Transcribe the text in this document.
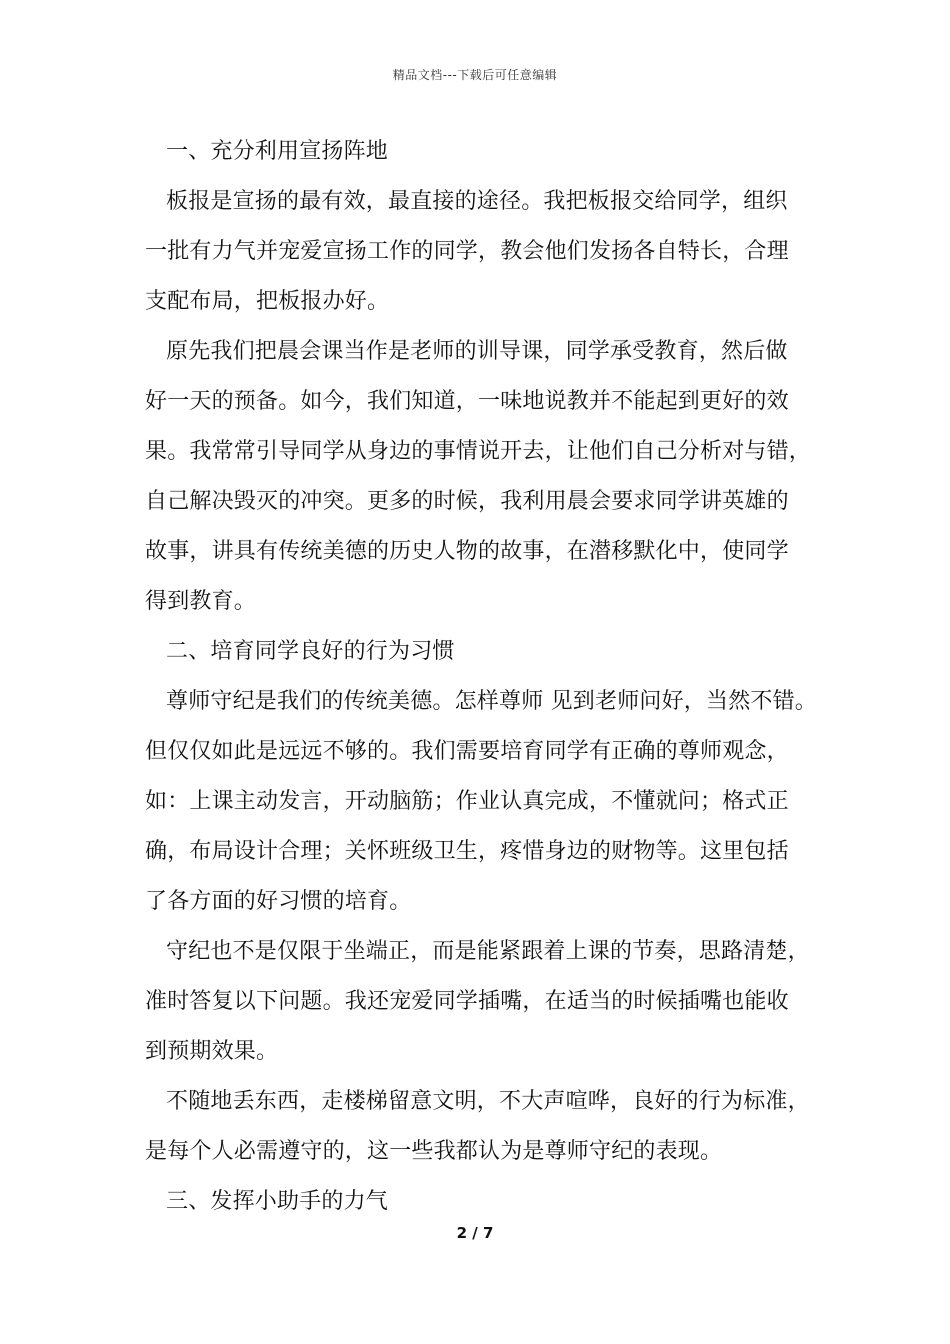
精品文档---下载后可任意编辑
一、充分利用宣扬阵地
板报是宣扬的最有效，最直接的途径。我把板报交给同学，组织
一批有力气并宠爱宣扬工作的同学，教会他们发扬各自特长，合理
支配布局，把板报办好。
原先我们把晨会课当作是老师的训导课，同学承受教育，然后做
好一天的预备。如今，我们知道，一味地说教并不能起到更好的效
果。我常常引导同学从身边的事情说开去，让他们自己分析对与错，
自己解决毁灭的冲突。更多的时候，我利用晨会要求同学讲英雄的
故事，讲具有传统美德的历史人物的故事，在潜移默化中，使同学
得到教育。
二、培育同学良好的行为习惯
尊师守纪是我们的传统美德。怎样尊师 见到老师问好，当然不错。
但仅仅如此是远远不够的。我们需要培育同学有正确的尊师观念，
如：上课主动发言，开动脑筋；作业认真完成，不懂就问；格式正
确，布局设计合理；关怀班级卫生，疼惜身边的财物等。这里包括
了各方面的好习惯的培育。
守纪也不是仅限于坐端正，而是能紧跟着上课的节奏，思路清楚，
准时答复以下问题。我还宠爱同学插嘴，在适当的时候插嘴也能收
到预期效果。
不随地丢东西，走楼梯留意文明，不大声喧哗，良好的行为标准，
是每个人必需遵守的，这一些我都认为是尊师守纪的表现。
三、发挥小助手的力气
2 / 7
